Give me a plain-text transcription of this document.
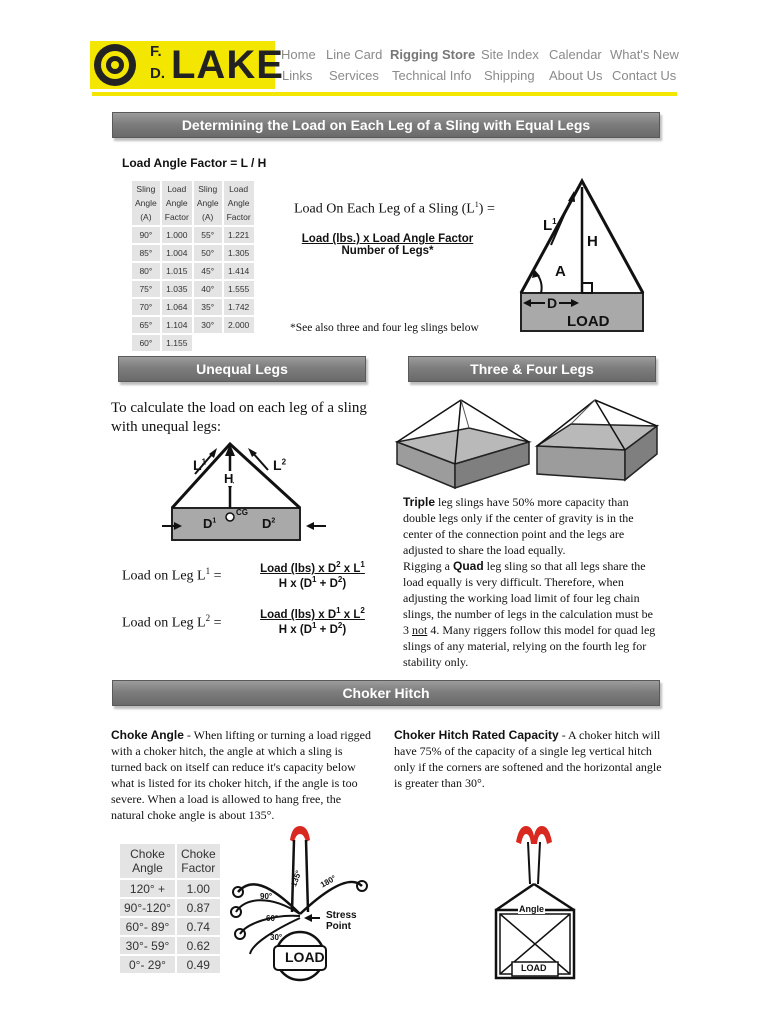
F.
D. LAKE
Home Line Card Rigging Store Site Index Calendar What's New
Links Services Technical Info Shipping About Us Contact Us
Determining the Load on Each Leg of a Sling with Equal Legs
Load Angle Factor = L / H
Sling
Angle
(A)	Load
Angle
Factor	Sling
Angle
(A)	Load
Angle
Factor
90°	1.000	55°	1.221
85°	1.004	50°	1.305
80°	1.015	45°	1.414
75°	1.035	40°	1.555
70°	1.064	35°	1.742
65°	1.104	30°	2.000
60°	1.155		
Load On Each Leg of a Sling $(L^1)$ =
Load (lbs.) x Load Angle Factor
Number of Legs*
*See also three and four leg slings below
$L^1$
H
A
D
LOAD
Unequal Legs	Three & Four Legs
To calculate the load on each leg of a sling
with unequal legs:
$L^1$	$L^2$
H
CG
$D^1$	$D^2$
Load on Leg $L^1$ =	Load (lbs) x $D^2$ x $L^1$
H x $(D^1 + D^2)$
Load on Leg $L^2$ =
Load (lbs) x $D^1$ x $L^2$
H x $(D^1 + D^2)$
Triple leg slings have 50% more capacity than double legs only if the center of gravity is in the center of the connection point and the legs are adjusted to share the load equally.
Rigging a Quad leg sling so that all legs share the load equally is very difficult. Therefore, when adjusting the working load limit of four leg chain slings, the number of legs in the calculation must be 3 not 4. Many riggers follow this model for quad leg slings of any material, relying on the fourth leg for stability only.
Choker Hitch
Choke Angle - When lifting or turning a load rigged with a choker hitch, the angle at which a sling is turned back on itself can reduce it's capacity below what is listed for its choker hitch, if the angle is too severe. When a load is allowed to hang free, the natural choke angle is about 135°.
Choker Hitch Rated Capacity - A choker hitch will have 75% of the capacity of a single leg vertical hitch only if the corners are softened and the horizontal angle is greater than 30°.
Choke
Angle	Choke
Factor
120° +	1.00
90°-120°	0.87
60°- 89°	0.74
30°- 59°	0.62
0°- 29°	0.49
135° 180°
90°
60°
30°
Stress
Point
LOAD
Angle
LOAD
